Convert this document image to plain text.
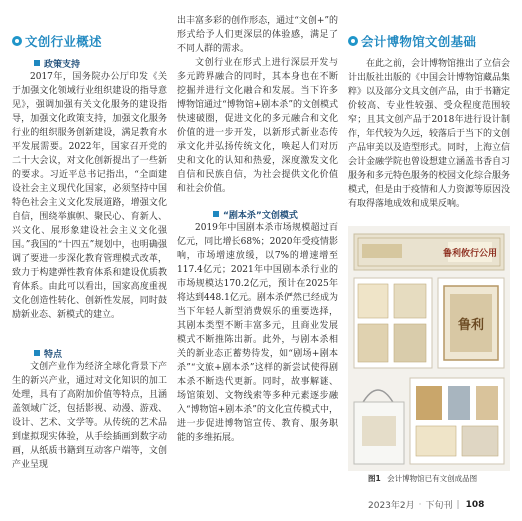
文创行业概述
政策支持

2017年，国务院办公厅印发《关于加强文化领域行业组织建设的指导意见》，强调加强有关文化服务的建设指导，加强文化政策支持，加强文化服务行业的组织服务创新建设，满足教育水平发展需要。2022年，国家召开党的二十大会议，对文化创新提出了一些新的要求。习近平总书记指出，“全面建设社会主义现代化国家，必须坚持中国特色社会主义文化发展道路，增强文化自信，围绕举旗帜、聚民心、育新人、兴文化、展形象建设社会主义文化强国。”我国的“十四五”规划中，也明确强调了要进一步深化教育管理模式改革，致力于构建弹性教育体系和建设优质教育体系。由此可以看出，国家高度重视文化创造性转化、创新性发展，同时鼓励新业态、新模式的建立。

特点

文创产业作为经济全球化背景下产生的新兴产业，通过对文化知识的加工处理，具有了高附加价值等特点，且涵盖领域广泛，包括影视、动漫、游戏、设计、艺术、文学等。从传统的艺术品到虚拟现实体验，从手绘插画到数字动画，从纸质书籍到互动客户端等，文创产业呈现

出丰富多彩的创作形态，通过“文创+”的形式给予人们更深层的体验感，满足了不同人群的需求。

文创行业在形式上进行深层开发与多元跨界融合的同时，其本身也在不断挖掘并进行文化融合和发展。当下许多博物馆通过“博物馆+剧本杀”的文创模式快速破圈，促进文化的多元融合和文化价值的进一步开发，以新形式新业态传承文化并弘扬传统文化，唤起人们对历史和文化的认知和热爱，深度激发文化自信和民族自信，为社会提供文化价值和社会价值。

“剧本杀”文创模式

2019年中国剧本杀市场规模超过百亿元，同比增长68%；2020年受疫情影响，市场增速放缓，以7%的增速增至117.4亿元；2021年中国剧本杀行业的市场规模达170.2亿元，预计在2025年将达到448.1亿元。剧本杀俨然已经成为当下年轻人新型消费娱乐的重要选择，其剧本类型不断丰富多元，且商业发展模式不断推陈出新。此外，与剧本杀相关的新业态正蓄势待发，如“剧场+剧本杀”“文旅+剧本杀”这样的新尝试使得剧本杀不断迭代更新。同时，故事解谜、场馆策划、文物线索等多种元素逐步融入“博物馆+剧本杀”的文化宣传模式中，进一步促进博物馆宣传、教育、服务职能的多维拓展。

会计博物馆文创基础

在此之前，会计博物馆推出了立信会计出版社出版的《中国会计博物馆藏品集粹》以及部分文具文创产品，由于书籍定价较高、专业性较强、受众程度范围较窄；且其文创产品于2018年进行设计制作，年代较为久远，较落后于当下的文创产品审美以及造型形式。同时，上海立信会计金融学院也曾设想建立涵盖书香自习服务和多元特色服务的校园文化综合服务模式，但是由于疫情和人力资源等原因没有取得落地成效和成果反响。

鲁利攸行公用
鲁利
图1 会计博物馆已有文创成品图
2023年2月 · 下旬刊 | 108
